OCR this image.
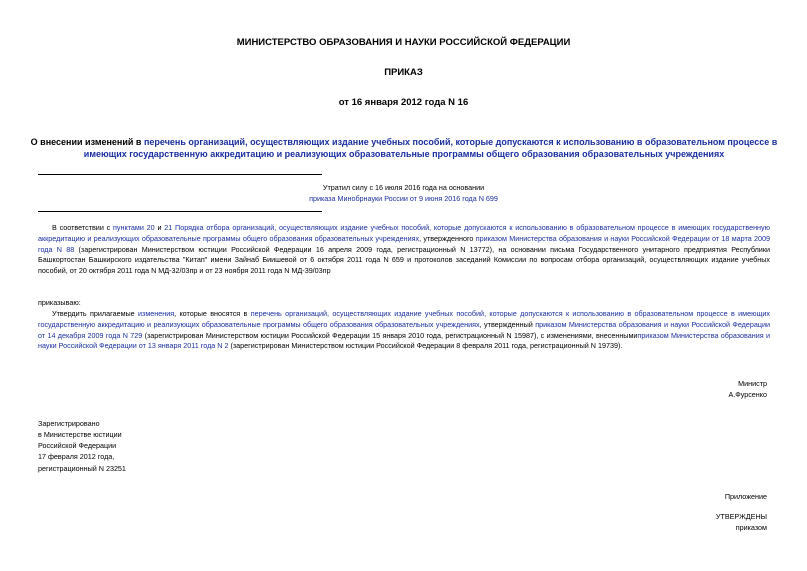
МИНИСТЕРСТВО ОБРАЗОВАНИЯ И НАУКИ РОССИЙСКОЙ ФЕДЕРАЦИИ
ПРИКАЗ
от 16 января 2012 года N 16
О внесении изменений в перечень организаций, осуществляющих издание учебных пособий, которые допускаются к использованию в образовательном процессе в имеющих государственную аккредитацию и реализующих образовательные программы общего образования образовательных учреждениях
Утратил силу с 16 июля 2016 года на основании
приказа Минобрнауки России от 9 июня 2016 года N 699
В соответствии с пунктами 20 и 21 Порядка отбора организаций, осуществляющих издание учебных пособий, которые допускаются к использованию в образовательном процессе в имеющих государственную аккредитацию и реализующих образовательные программы общего образования образовательных учреждениях, утвержденного приказом Министерства образования и науки Российской Федерации от 18 марта 2009 года N 88 (зарегистрирован Министерством юстиции Российской Федерации 16 апреля 2009 года, регистрационный N 13772), на основании письма Государственного унитарного предприятия Республики Башкортостан Башкирского издательства "Китап" имени Зайнаб Биишевой от 6 октября 2011 года N 659 и протоколов заседаний Комиссии по вопросам отбора организаций, осуществляющих издание учебных пособий, от 20 октября 2011 года N МД-32/03пр и от 23 ноября 2011 года N МД-39/03пр
приказываю:
Утвердить прилагаемые изменения, которые вносятся в перечень организаций, осуществляющих издание учебных пособий, которые допускаются к использованию в образовательном процессе в имеющих государственную аккредитацию и реализующих образовательные программы общего образования образовательных учреждениях, утвержденный приказом Министерства образования и науки Российской Федерации от 14 декабря 2009 года N 729 (зарегистрирован Министерством юстиции Российской Федерации 15 января 2010 года, регистрационный N 15987), с изменениями, внесеннымиприказом Министерства образования и науки Российской Федерации от 13 января 2011 года N 2 (зарегистрирован Министерством юстиции Российской Федерации 8 февраля 2011 года, регистрационный N 19739).
Министр
А.Фурсенко
Зарегистрировано
в Министерстве юстиции
Российской Федерации
17 февраля 2012 года,
регистрационный N 23251
Приложение
УТВЕРЖДЕНЫ
приказом
